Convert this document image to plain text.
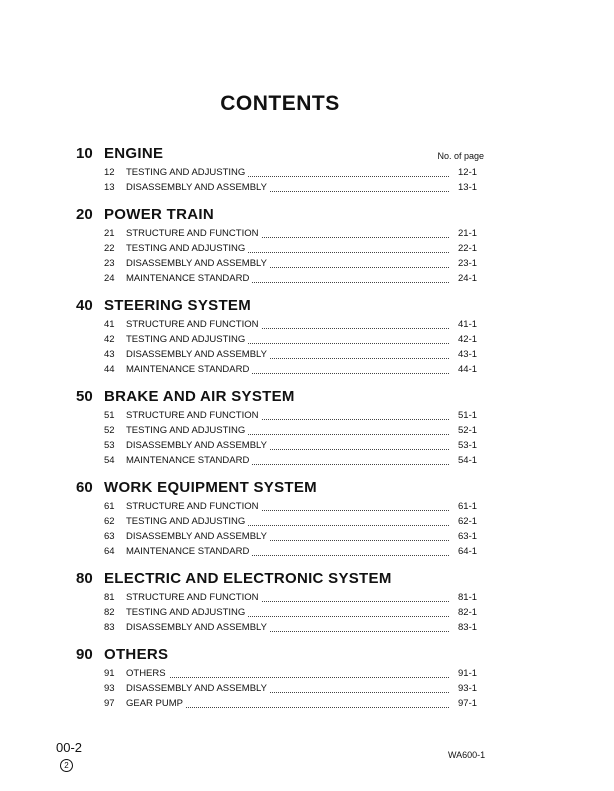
CONTENTS
10 ENGINE	No. of page
12	TESTING AND ADJUSTING	12-1
13	DISASSEMBLY AND ASSEMBLY	13-1
20 POWER TRAIN
21	STRUCTURE AND FUNCTION	21-1
22	TESTING AND ADJUSTING	22-1
23	DISASSEMBLY AND ASSEMBLY	23-1
24	MAINTENANCE STANDARD	24-1
40 STEERING SYSTEM
41	STRUCTURE AND FUNCTION	41-1
42	TESTING AND ADJUSTING	42-1
43	DISASSEMBLY AND ASSEMBLY	43-1
44	MAINTENANCE STANDARD	44-1
50 BRAKE AND AIR SYSTEM
51	STRUCTURE AND FUNCTION	51-1
52	TESTING AND ADJUSTING	52-1
53	DISASSEMBLY AND ASSEMBLY	53-1
54	MAINTENANCE STANDARD	54-1
60 WORK EQUIPMENT SYSTEM
61	STRUCTURE AND FUNCTION	61-1
62	TESTING AND ADJUSTING	62-1
63	DISASSEMBLY AND ASSEMBLY	63-1
64	MAINTENANCE STANDARD	64-1
80 ELECTRIC AND ELECTRONIC SYSTEM
81	STRUCTURE AND FUNCTION	81-1
82	TESTING AND ADJUSTING	82-1
83	DISASSEMBLY AND ASSEMBLY	83-1
90 OTHERS
91	OTHERS	91-1
93	DISASSEMBLY AND ASSEMBLY	93-1
97	GEAR PUMP	97-1
00-2
2
WA600-1
